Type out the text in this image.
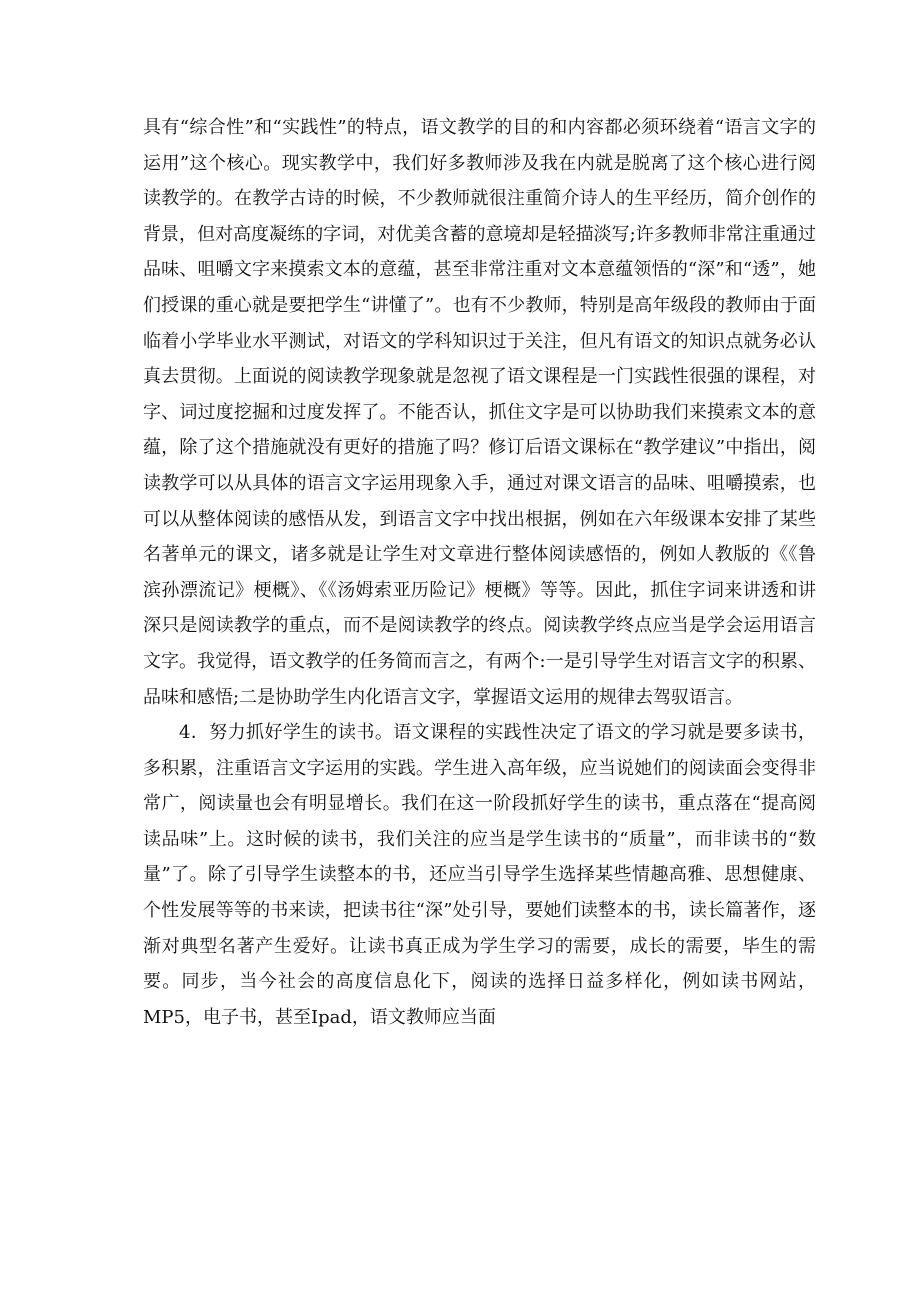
具有“综合性”和“实践性”的特点，语文教学的目的和内容都必须环绕着“语言文字的运用”这个核心。现实教学中，我们好多教师涉及我在内就是脱离了这个核心进行阅读教学的。在教学古诗的时候，不少教师就很注重简介诗人的生平经历，简介创作的背景，但对高度凝练的字词，对优美含蓄的意境却是轻描淡写;许多教师非常注重通过品味、咀嚼文字来摸索文本的意蕴，甚至非常注重对文本意蕴领悟的“深”和“透”，她们授课的重心就是要把学生“讲懂了”。也有不少教师，特别是高年级段的教师由于面临着小学毕业水平测试，对语文的学科知识过于关注，但凡有语文的知识点就务必认真去贯彻。上面说的阅读教学现象就是忽视了语文课程是一门实践性很强的课程，对字、词过度挖掘和过度发挥了。不能否认，抓住文字是可以协助我们来摸索文本的意蕴，除了这个措施就没有更好的措施了吗？修订后语文课标在“教学建议”中指出，阅读教学可以从具体的语言文字运用现象入手，通过对课文语言的品味、咀嚼摸索，也可以从整体阅读的感悟从发，到语言文字中找出根据，例如在六年级课本安排了某些名著单元的课文，诸多就是让学生对文章进行整体阅读感悟的，例如人教版的《《鲁滨孙漂流记》梗概》、《《汤姆索亚历险记》梗概》等等。因此，抓住字词来讲透和讲深只是阅读教学的重点，而不是阅读教学的终点。阅读教学终点应当是学会运用语言文字。我觉得，语文教学的任务简而言之，有两个:一是引导学生对语言文字的积累、品味和感悟;二是协助学生内化语言文字，掌握语文运用的规律去驾驭语言。

4．努力抓好学生的读书。语文课程的实践性决定了语文的学习就是要多读书，多积累，注重语言文字运用的实践。学生进入高年级，应当说她们的阅读面会变得非常广，阅读量也会有明显增长。我们在这一阶段抓好学生的读书，重点落在“提高阅读品味”上。这时候的读书，我们关注的应当是学生读书的“质量”，而非读书的“数量”了。除了引导学生读整本的书，还应当引导学生选择某些情趣高雅、思想健康、个性发展等等的书来读，把读书往“深”处引导，要她们读整本的书，读长篇著作，逐渐对典型名著产生爱好。让读书真正成为学生学习的需要，成长的需要，毕生的需要。同步，当今社会的高度信息化下，阅读的选择日益多样化，例如读书网站，MP5，电子书，甚至Ipad，语文教师应当面
